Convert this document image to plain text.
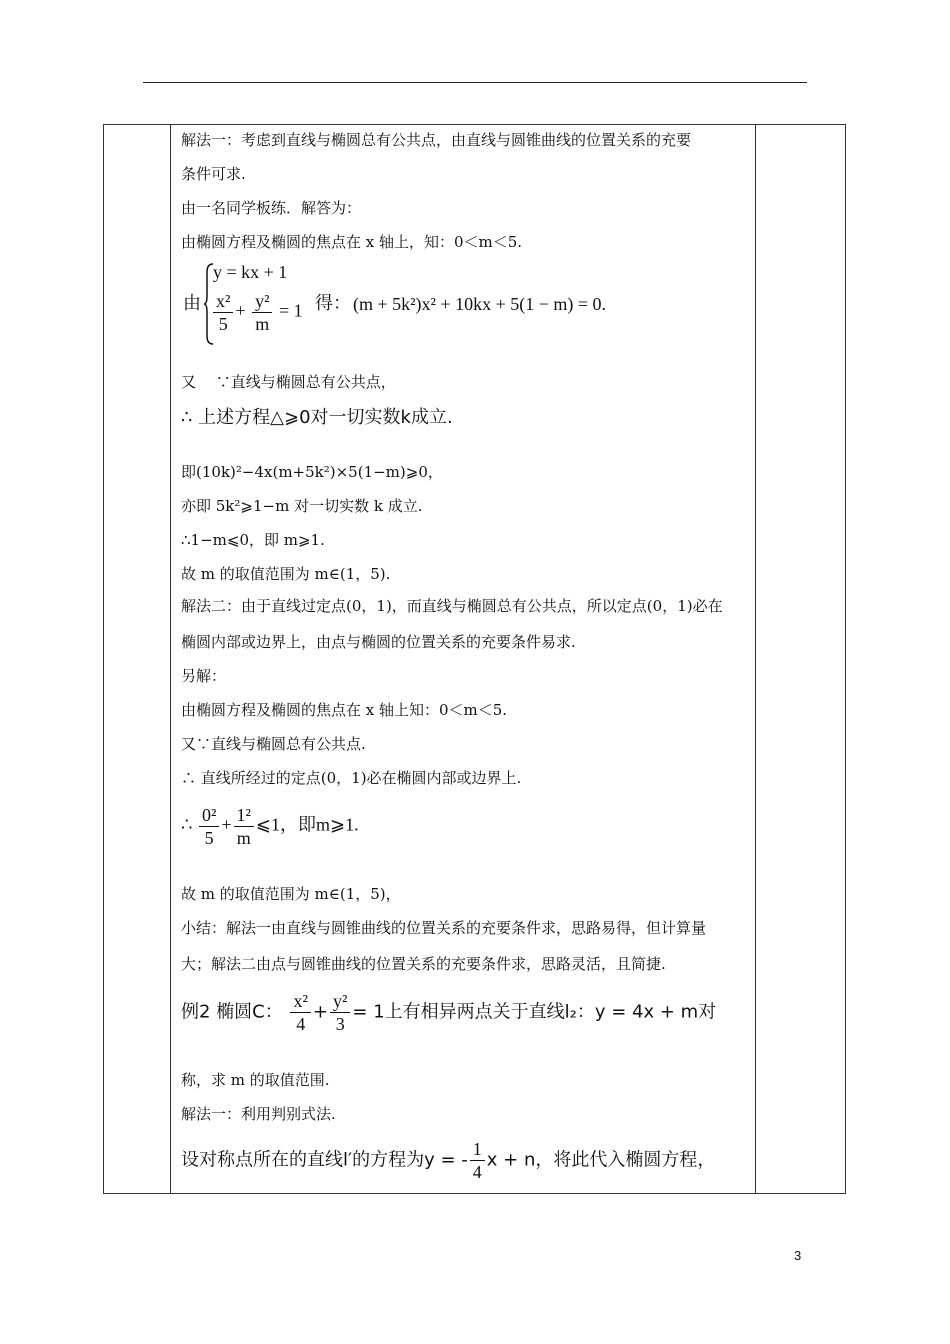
解法一：考虑到直线与椭圆总有公共点，由直线与圆锥曲线的位置关系的充要
条件可求.
由一名同学板练．解答为：
由椭圆方程及椭圆的焦点在 x 轴上，知：0＜m＜5.
由
y = kx + 1
$\frac{\text{x²}}{5} + \frac{\text{y²}}{m} = 1$ 得： (m + 5k²)x² + 10kx + 5(1 − m) = 0.
又　 ∵直线与椭圆总有公共点，
∴ 上述方程△⩾0对一切实数k成立.
即(10k)²−4x(m+5k²)×5(1−m)⩾0，
亦即 5k²⩾1−m 对一切实数 k 成立.
∴1−m⩽0，即 m⩾1.
故 m 的取值范围为 m∈(1，5).
解法二：由于直线过定点(0，1)，而直线与椭圆总有公共点，所以定点(0，1)必在
椭圆内部或边界上，由点与椭圆的位置关系的充要条件易求.
另解：
由椭圆方程及椭圆的焦点在 x 轴上知：0＜m＜5.
又∵直线与椭圆总有公共点.
∴ 直线所经过的定点(0，1)必在椭圆内部或边界上.
∴ $\frac{\text{0²}}{5} + \frac{\text{1²}}{m}$ ⩽1，即m⩾1.
故 m 的取值范围为 m∈(1，5)，
小结：解法一由直线与圆锥曲线的位置关系的充要条件求，思路易得，但计算量
大；解法二由点与圆锥曲线的位置关系的充要条件求，思路灵活，且简捷.
例2 椭圆C： $\frac{\text{x²}}{4} + \frac{\text{y²}}{3} = 1$上有相异两点关于直线l₂：y = 4x + m对
称，求 m 的取值范围.
解法一：利用判别式法.
设对称点所在的直线l′的方程为y = - $\frac{1}{4}$ x + n，将此代入椭圆方程，
3
